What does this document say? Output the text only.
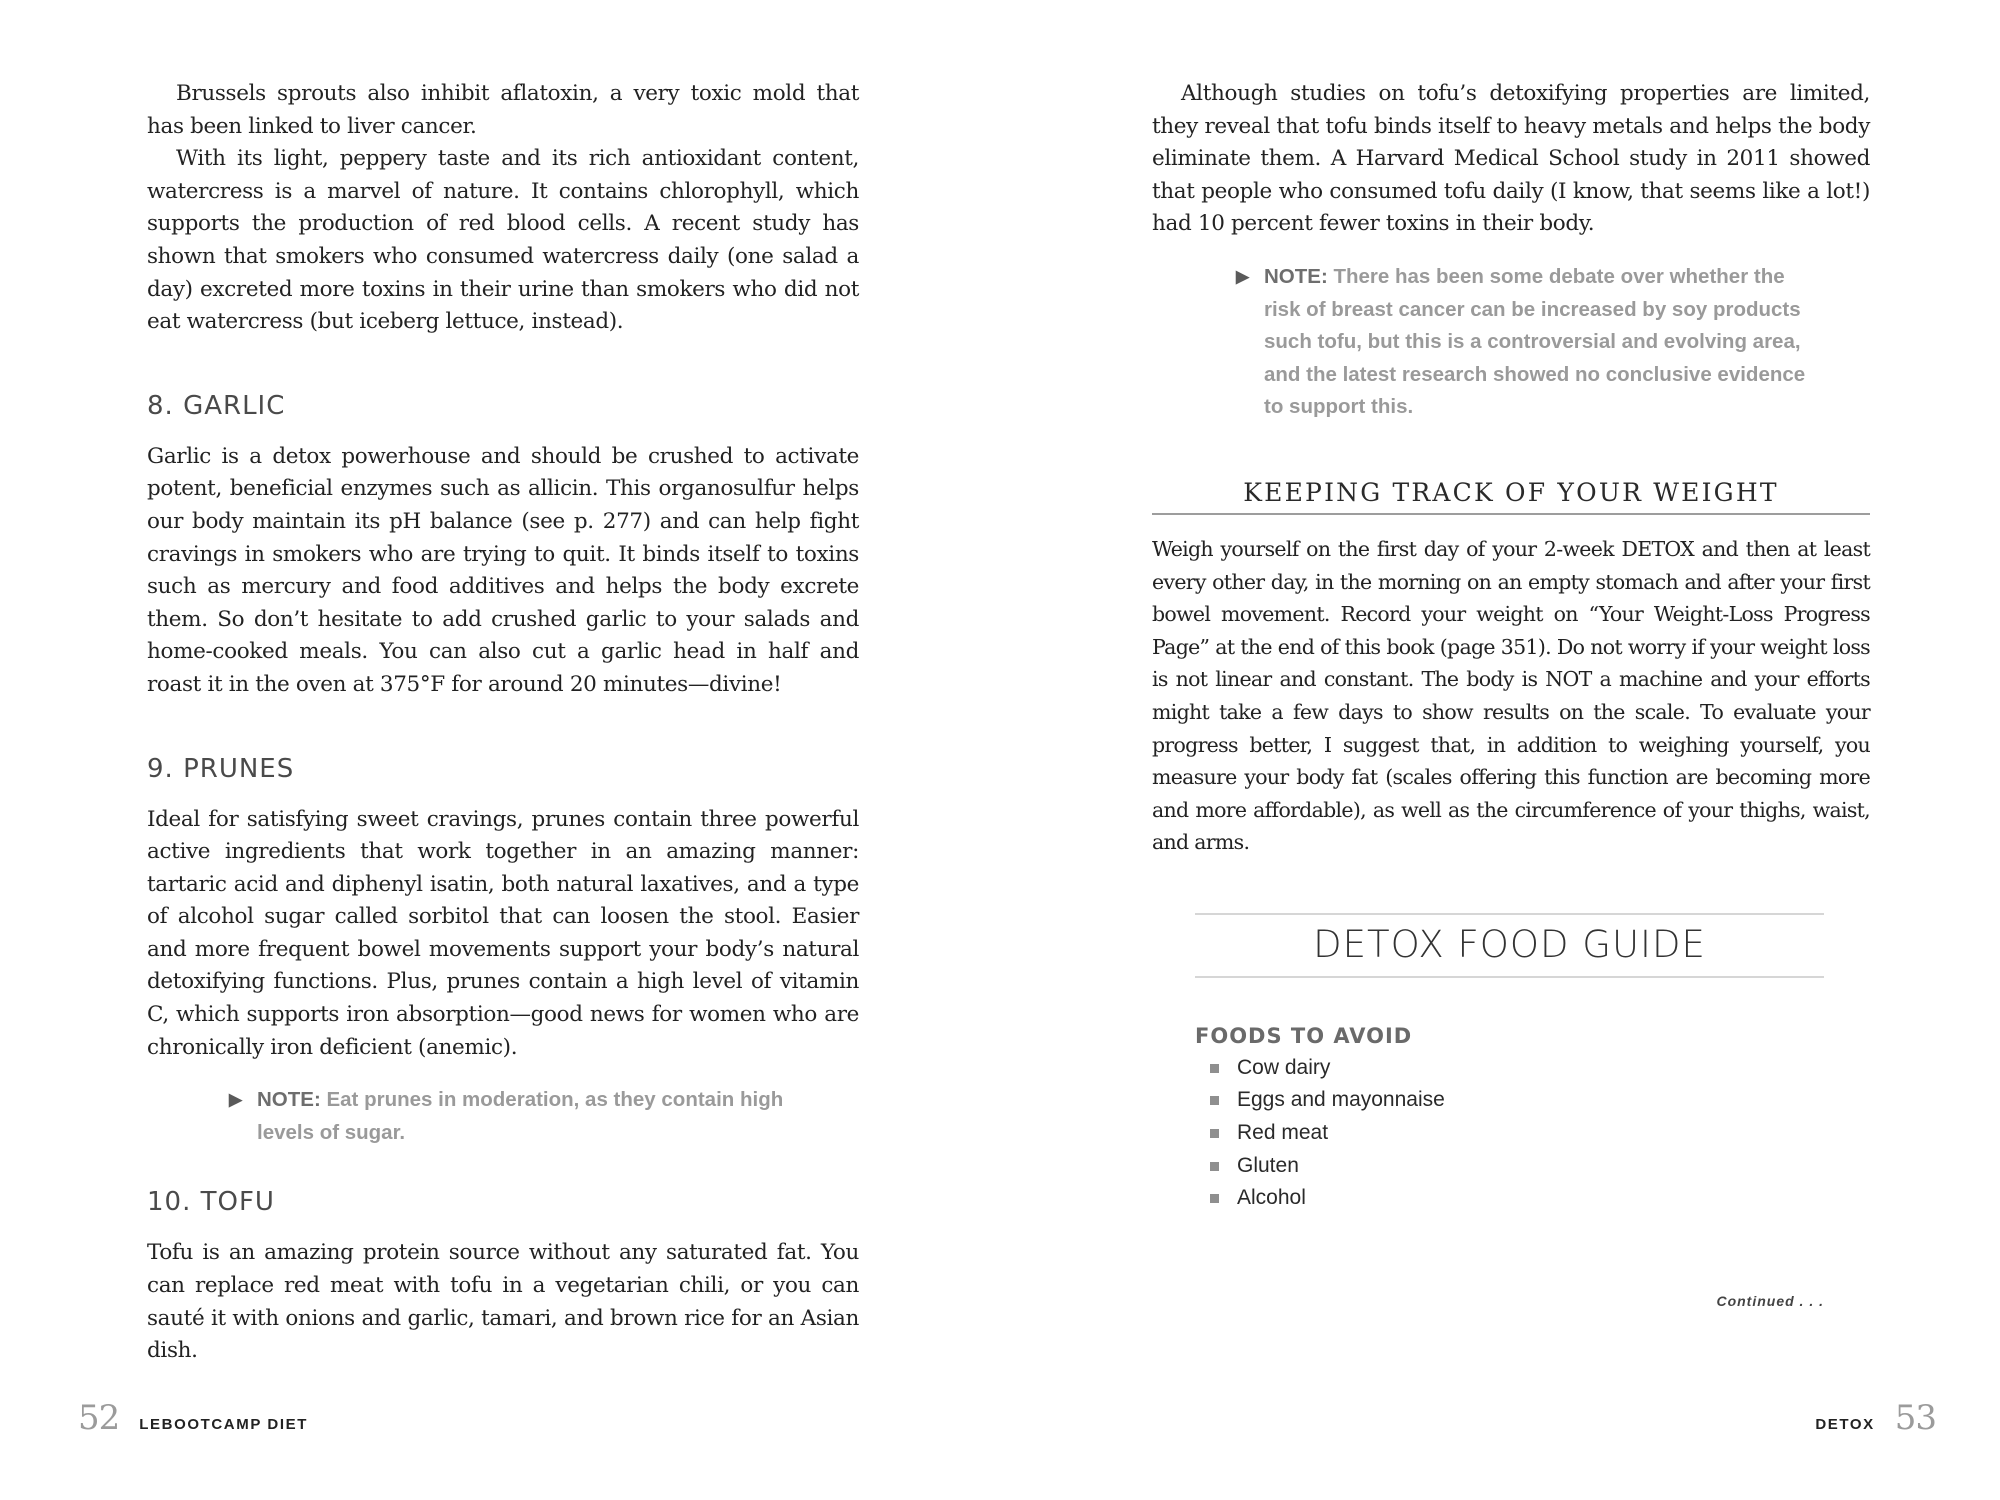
Brussels sprouts also inhibit aflatoxin, a very toxic mold that has been linked to liver cancer.

With its light, peppery taste and its rich antioxidant content, watercress is a marvel of nature. It contains chlorophyll, which supports the production of red blood cells. A recent study has shown that smokers who consumed watercress daily (one salad a day) excreted more toxins in their urine than smokers who did not eat watercress (but iceberg lettuce, instead).

8. GARLIC

Garlic is a detox powerhouse and should be crushed to activate potent, beneficial enzymes such as allicin. This organosulfur helps our body maintain its pH balance (see p. 277) and can help fight cravings in smokers who are trying to quit. It binds itself to toxins such as mercury and food additives and helps the body excrete them. So don’t hesitate to add crushed garlic to your salads and home-cooked meals. You can also cut a garlic head in half and roast it in the oven at 375°F for around 20 minutes—divine!

9. PRUNES

Ideal for satisfying sweet cravings, prunes contain three powerful active ingredients that work together in an amazing manner: tartaric acid and diphenyl isatin, both natural laxatives, and a type of alcohol sugar called sorbitol that can loosen the stool. Easier and more frequent bowel movements support your body’s natural detoxifying functions. Plus, prunes contain a high level of vitamin C, which supports iron absorption—good news for women who are chronically iron deficient (anemic).

▶ NOTE: Eat prunes in moderation, as they contain high levels of sugar.
10. TOFU

Tofu is an amazing protein source without any saturated fat. You can replace red meat with tofu in a vegetarian chili, or you can sauté it with onions and garlic, tamari, and brown rice for an Asian dish.

52 LEBOOTCAMP DIET

Although studies on tofu’s detoxifying properties are limited, they reveal that tofu binds itself to heavy metals and helps the body eliminate them. A Harvard Medical School study in 2011 showed that people who consumed tofu daily (I know, that seems like a lot!) had 10 percent fewer toxins in their body.

▶ NOTE: There has been some debate over whether the risk of breast cancer can be increased by soy products such tofu, but this is a controversial and evolving area, and the latest research showed no conclusive evidence to support this.
KEEPING TRACK OF YOUR WEIGHT

Weigh yourself on the first day of your 2-week DETOX and then at least every other day, in the morning on an empty stomach and after your first bowel movement. Record your weight on “Your Weight-Loss Progress Page” at the end of this book (page 351). Do not worry if your weight loss is not linear and constant. The body is NOT a machine and your efforts might take a few days to show results on the scale. To evaluate your progress better, I suggest that, in addition to weighing yourself, you measure your body fat (scales offering this function are becoming more and more affordable), as well as the circumference of your thighs, waist, and arms.

DETOX FOOD GUIDE
FOODS TO AVOID
Cow dairy
Eggs and mayonnaise
Red meat
Gluten
Alcohol
Continued . . .
DETOX 53
